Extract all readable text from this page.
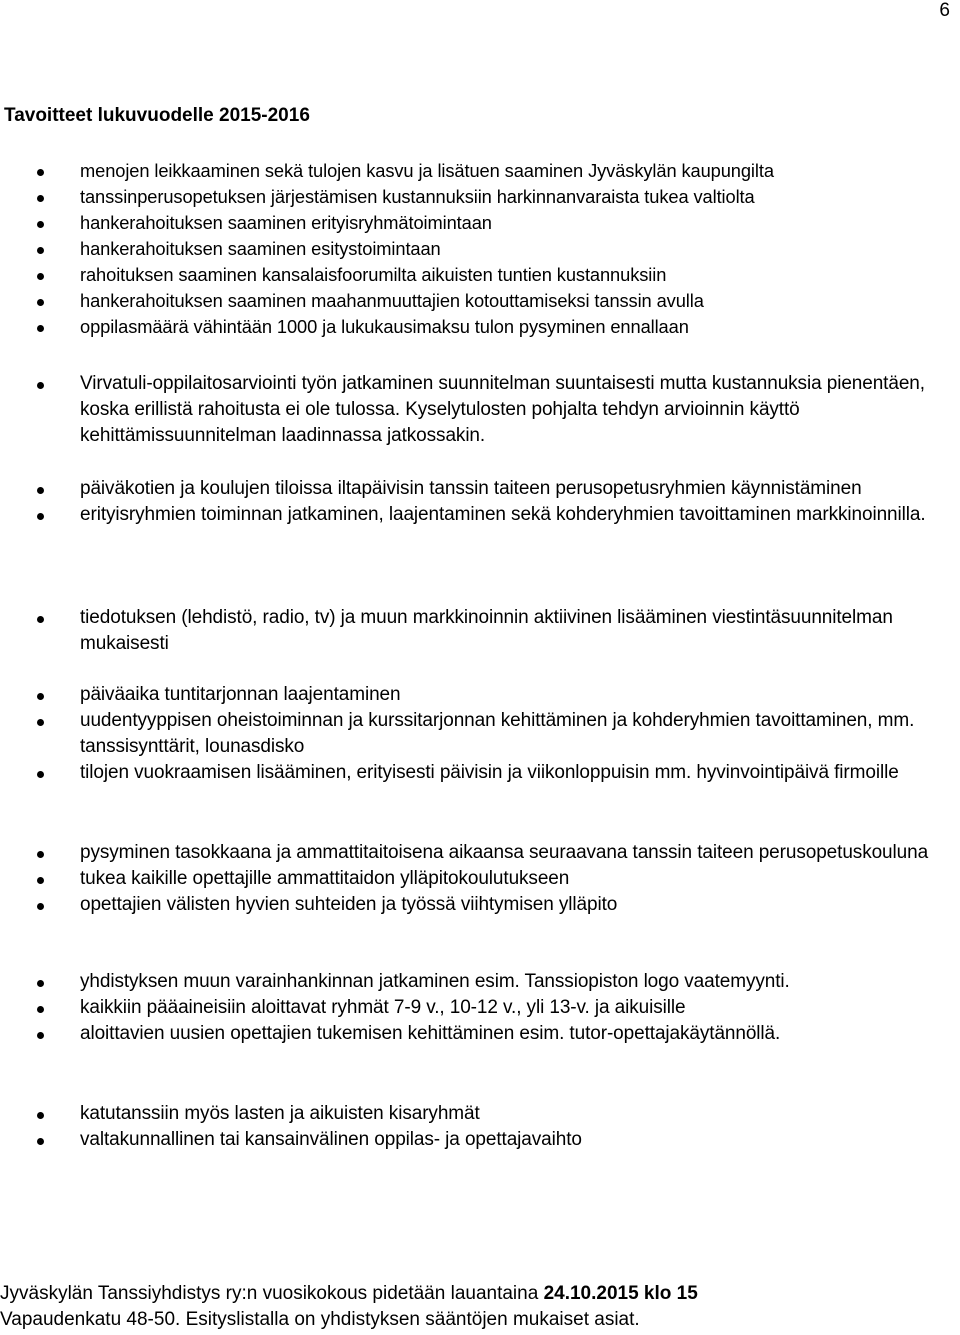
6
Tavoitteet lukuvuodelle 2015-2016
menojen leikkaaminen sekä tulojen kasvu ja lisätuen saaminen Jyväskylän kaupungilta
tanssinperusopetuksen järjestämisen kustannuksiin harkinnanvaraista tukea valtiolta
hankerahoituksen saaminen erityisryhmätoimintaan
hankerahoituksen saaminen esitystoimintaan
rahoituksen saaminen kansalaisfoorumilta aikuisten tuntien kustannuksiin
hankerahoituksen saaminen maahanmuuttajien kotouttamiseksi tanssin avulla
oppilasmäärä vähintään 1000 ja lukukausimaksu tulon pysyminen ennallaan
Virvatuli-oppilaitosarviointi työn jatkaminen suunnitelman suuntaisesti mutta kustannuksia pienentäen, koska erillistä rahoitusta ei ole tulossa. Kyselytulosten pohjalta tehdyn arvioinnin käyttö kehittämissuunnitelman laadinnassa jatkossakin.
päiväkotien ja koulujen tiloissa iltapäivisin tanssin taiteen perusopetusryhmien käynnistäminen
erityisryhmien toiminnan jatkaminen, laajentaminen sekä kohderyhmien tavoittaminen markkinoinnilla.
tiedotuksen (lehdistö, radio, tv) ja muun markkinoinnin aktiivinen lisääminen viestintäsuunnitelman mukaisesti
päiväaika tuntitarjonnan laajentaminen
uudentyyppisen oheistoiminnan ja kurssitarjonnan kehittäminen ja kohderyhmien tavoittaminen, mm. tanssisynttärit, lounasdisko
tilojen vuokraamisen lisääminen, erityisesti päivisin ja viikonloppuisin mm. hyvinvointipäivä firmoille
pysyminen tasokkaana ja ammattitaitoisena aikaansa seuraavana tanssin taiteen perusopetuskouluna
tukea kaikille opettajille ammattitaidon ylläpitokoulutukseen
opettajien välisten hyvien suhteiden ja työssä viihtymisen ylläpito
yhdistyksen muun varainhankinnan jatkaminen esim. Tanssiopiston logo vaatemyynti.
kaikkiin pääaineisiin aloittavat ryhmät 7-9 v., 10-12 v., yli 13-v. ja aikuisille
aloittavien uusien opettajien tukemisen kehittäminen esim. tutor-opettajakäytännöllä.
katutanssiin myös lasten ja aikuisten kisaryhmät
valtakunnallinen tai kansainvälinen oppilas- ja opettajavaihto
Jyväskylän Tanssiyhdistys ry:n vuosikokous pidetään lauantaina 24.10.2015 klo 15
Vapaudenkatu 48-50. Esityslistalla on yhdistyksen sääntöjen mukaiset asiat.
